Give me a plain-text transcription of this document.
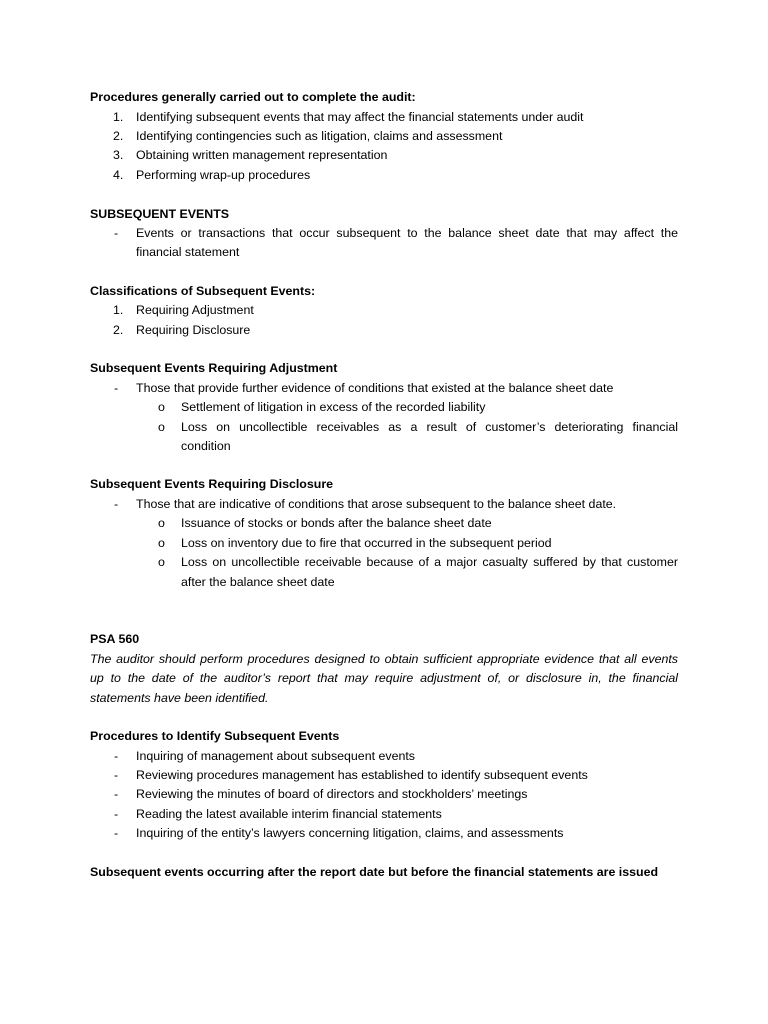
Procedures generally carried out to complete the audit:
1. Identifying subsequent events that may affect the financial statements under audit
2. Identifying contingencies such as litigation, claims and assessment
3. Obtaining written management representation
4. Performing wrap-up procedures
SUBSEQUENT EVENTS
- Events or transactions that occur subsequent to the balance sheet date that may affect the
financial statement
Classifications of Subsequent Events:
1. Requiring Adjustment
2. Requiring Disclosure
Subsequent Events Requiring Adjustment
- Those that provide further evidence of conditions that existed at the balance sheet date
o Settlement of litigation in excess of the recorded liability
o Loss on uncollectible receivables as a result of customer’s deteriorating financial
condition
Subsequent Events Requiring Disclosure
- Those that are indicative of conditions that arose subsequent to the balance sheet date.
o Issuance of stocks or bonds after the balance sheet date
o Loss on inventory due to fire that occurred in the subsequent period
o Loss on uncollectible receivable because of a major casualty suffered by that customer
after the balance sheet date
PSA 560
The auditor should perform procedures designed to obtain sufficient appropriate evidence that all events
up to the date of the auditor’s report that may require adjustment of, or disclosure in, the financial
statements have been identified.
Procedures to Identify Subsequent Events
- Inquiring of management about subsequent events
- Reviewing procedures management has established to identify subsequent events
- Reviewing the minutes of board of directors and stockholders’ meetings
- Reading the latest available interim financial statements
- Inquiring of the entity’s lawyers concerning litigation, claims, and assessments
Subsequent events occurring after the report date but before the financial statements are issued
